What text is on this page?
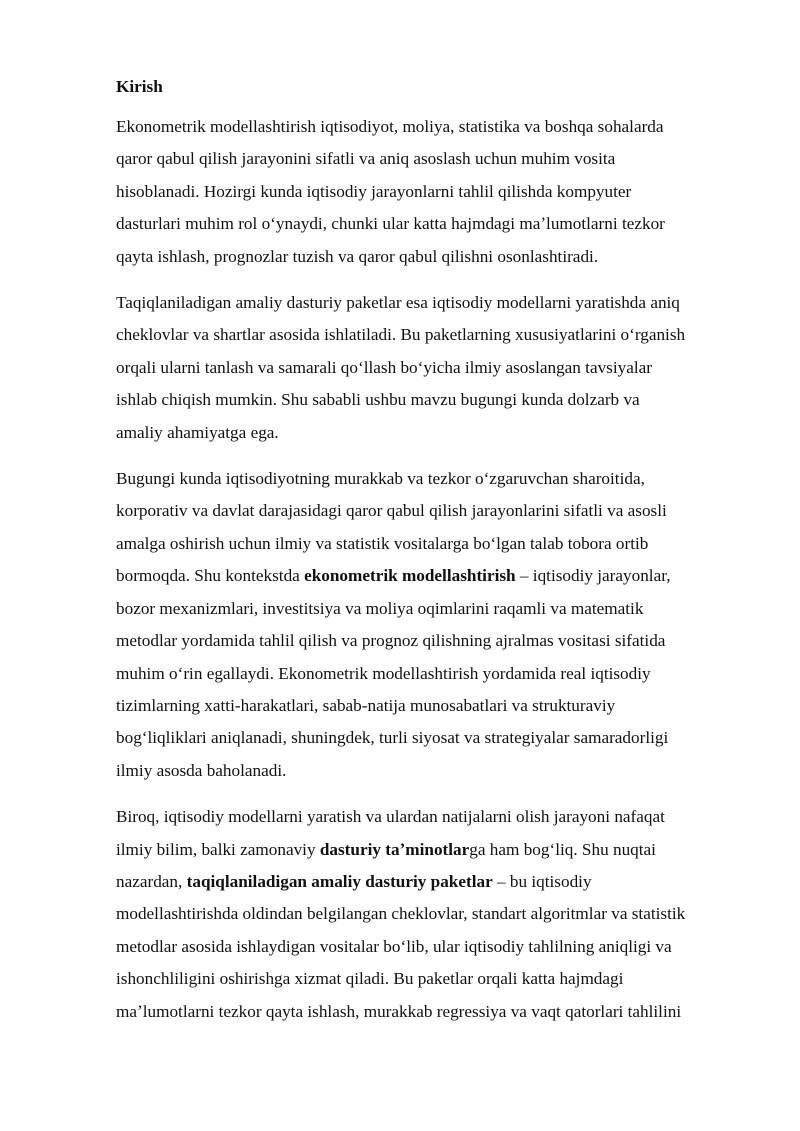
Kirish
Ekonometrik modellashtirish iqtisodiyot, moliya, statistika va boshqa sohalarda
qaror qabul qilish jarayonini sifatli va aniq asoslash uchun muhim vosita
hisoblanadi. Hozirgi kunda iqtisodiy jarayonlarni tahlil qilishda kompyuter
dasturlari muhim rol oʻynaydi, chunki ular katta hajmdagi maʼlumotlarni tezkor
qayta ishlash, prognozlar tuzish va qaror qabul qilishni osonlashtiradi.
Taqiqlaniladigan amaliy dasturiy paketlar esa iqtisodiy modellarni yaratishda aniq
cheklovlar va shartlar asosida ishlatiladi. Bu paketlarning xususiyatlarini oʻrganish
orqali ularni tanlash va samarali qoʻllash boʻyicha ilmiy asoslangan tavsiyalar
ishlab chiqish mumkin. Shu sababli ushbu mavzu bugungi kunda dolzarb va
amaliy ahamiyatga ega.
Bugungi kunda iqtisodiyotning murakkab va tezkor oʻzgaruvchan sharoitida,
korporativ va davlat darajasidagi qaror qabul qilish jarayonlarini sifatli va asosli
amalga oshirish uchun ilmiy va statistik vositalarga boʻlgan talab tobora ortib
bormoqda. Shu kontekstda ekonometrik modellashtirish – iqtisodiy jarayonlar,
bozor mexanizmlari, investitsiya va moliya oqimlarini raqamli va matematik
metodlar yordamida tahlil qilish va prognoz qilishning ajralmas vositasi sifatida
muhim oʻrin egallaydi. Ekonometrik modellashtirish yordamida real iqtisodiy
tizimlarning xatti-harakatlari, sabab-natija munosabatlari va strukturaviy
bogʻliqliklari aniqlanadi, shuningdek, turli siyosat va strategiyalar samaradorligi
ilmiy asosda baholanadi.
Biroq, iqtisodiy modellarni yaratish va ulardan natijalarni olish jarayoni nafaqat
ilmiy bilim, balki zamonaviy dasturiy taʼminotlarga ham bogʻliq. Shu nuqtai
nazardan, taqiqlaniladigan amaliy dasturiy paketlar – bu iqtisodiy
modellashtirishda oldindan belgilangan cheklovlar, standart algoritmlar va statistik
metodlar asosida ishlaydigan vositalar boʻlib, ular iqtisodiy tahlilning aniqligi va
ishonchliligini oshirishga xizmat qiladi. Bu paketlar orqali katta hajmdagi
maʼlumotlarni tezkor qayta ishlash, murakkab regressiya va vaqt qatorlari tahlilini
